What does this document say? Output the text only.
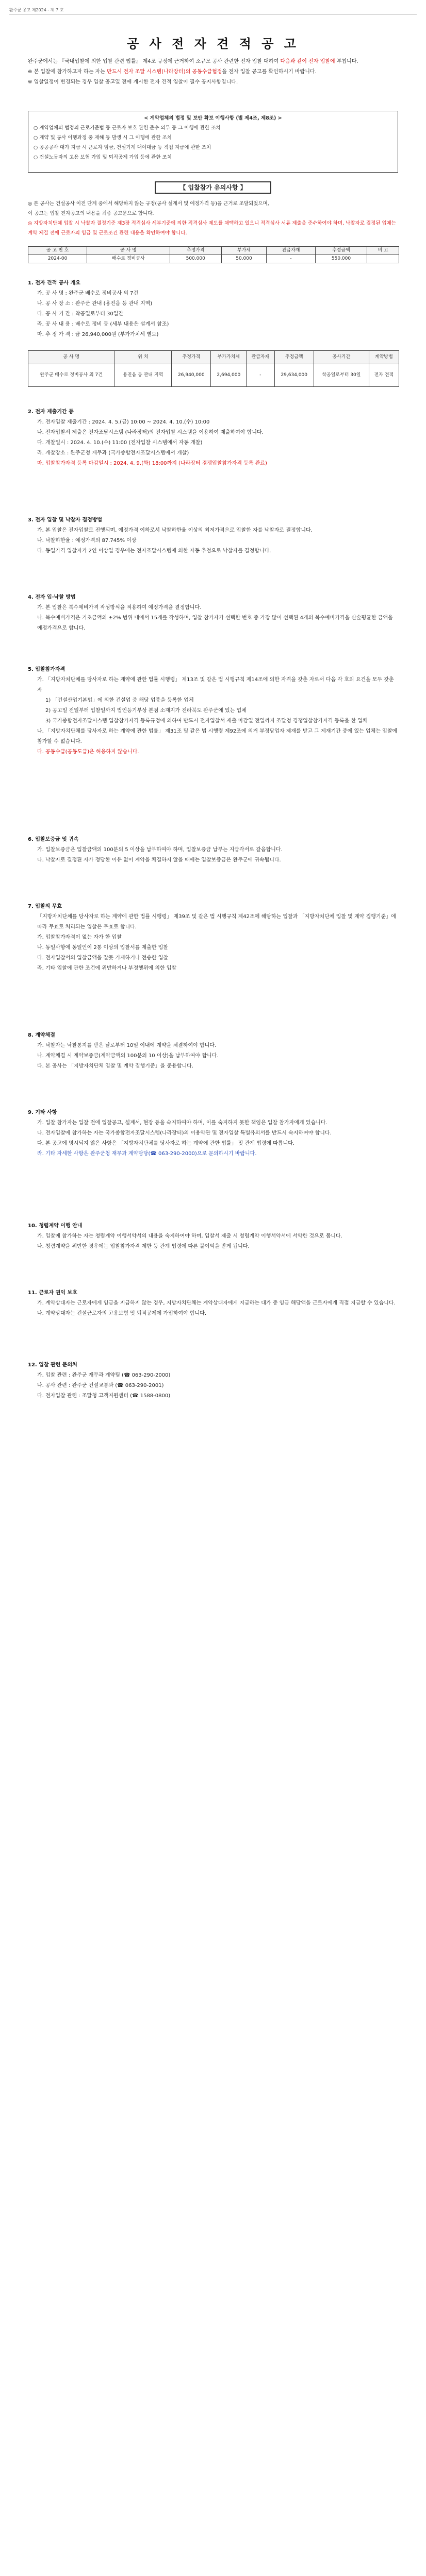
환주군 공고 제2024 - 제 7 호
공 사 전 자 견 적 공 고

완주군에서는 『국내입찰에 의한 입찰 관련 법률』 제4조 규정에 근거하여 소규모 공사 관련한 전자 입찰 대하여 다음과 같이 전자 입찰에 부칩니다.

※ 본 입찰에 참가하고자 하는 자는 반드시 전자 조달 시스템(나라장터)의 공동수급협정을 전자 입찰 공고를 확인하시기 바랍니다.

※ 입찰일정이 변경되는 경우 입찰 공고일 전에 게시한 전자 견적 입찰이 필수 공지사항입니다.

< 계약업체의 법정 및 보안 확보 이행사항 (별 제4조, 제8조) >
○ 계약업체의 법정의 근로기준법 등 근로자 보호 관련 준수 의무 등 그 이행에 관한 조치
○ 계약 및 공사 이행과정 중 재해 등 발생 시 그 이행에 관한 조치
○ 공공공사 대가 지급 시 근로자 임금, 건설기계 대여대금 등 직접 지급에 관한 조치
○ 건설노동자의 고용 보험 가입 및 퇴직공제 가입 등에 관한 조치
【 입찰참가 유의사항 】

◎ 본 공사는 건설공사 이전 단계 중에서 해당하지 않는 규정(공사 설계서 및 예정가격 등)을 근거로 조달되었으며,

이 공고는 입찰 전자공고의 내용을 최종 공고문으로 합니다.

◎ 지방자치단체 입찰 시 낙찰자 결정기준 제3장 적격심사 세부기준에 의한 적격심사 제도를 채택하고 있으니 적격심사 서류 제출을 준수하여야 하며, 낙찰자로 결정된 업체는 계약 체결 전에 근로자의 임금 및 근로조건 관련 내용을 확인하여야 합니다.

공 고 번 호	공 사 명	추정가격	부가세	관급자재	추정금액	비 고
2024-00	배수로 정비공사	500,000	50,000	-	550,000	

1. 전자 견적 공사 개요

가. 공 사 명 : 완주군 배수로 정비공사 외 7건

나. 공 사 장 소 : 완주군 관내 (용진읍 등 관내 지역)

다. 공 사 기 간 : 착공일로부터 30일간

라. 공 사 내 용 : 배수로 정비 등 (세부 내용은 설계서 참조)

마. 추 정 가 격 : 금 26,940,000원 (부가가치세 별도)

공 사 명	위 치	추정가격	부가가치세	관급자재	추정금액	공사기간	계약방법
완주군 배수로 정비공사 외 7건	용진읍 등 관내 지역	26,940,000	2,694,000	-	29,634,000	착공일로부터 30일	전자 견적

2. 전자 제출기간 등

가. 전자입찰 제출기간 : 2024. 4. 5.(금) 10:00 ~ 2024. 4. 10.(수) 10:00

나. 전자입찰서 제출은 전자조달시스템 (나라장터)의 전자입찰 시스템을 이용하여 제출하여야 합니다.

다. 개찰일시 : 2024. 4. 10.(수) 11:00 (전자입찰 시스템에서 자동 개찰)

라. 개찰장소 : 완주군청 재무과 (국가종합전자조달시스템에서 개찰)

마. 입찰참가자격 등록 마감일시 : 2024. 4. 9.(화) 18:00까지 (나라장터 경쟁입찰참가자격 등록 완료)

3. 전자 입찰 및 낙찰자 결정방법

가. 본 입찰은 전자입찰로 진행되며, 예정가격 이하로서 낙찰하한율 이상의 최저가격으로 입찰한 자를 낙찰자로 결정합니다.

나. 낙찰하한율 : 예정가격의 87.745% 이상

다. 동일가격 입찰자가 2인 이상일 경우에는 전자조달시스템에 의한 자동 추첨으로 낙찰자를 결정합니다.

4. 전자 입·낙찰 방법

가. 본 입찰은 복수예비가격 작성방식을 적용하여 예정가격을 결정합니다.

나. 복수예비가격은 기초금액의 ±2% 범위 내에서 15개를 작성하며, 입찰 참가자가 선택한 번호 중 가장 많이 선택된 4개의 복수예비가격을 산술평균한 금액을 예정가격으로 합니다.

5. 입찰참가자격

가. 「지방자치단체를 당사자로 하는 계약에 관한 법률 시행령」 제13조 및 같은 법 시행규칙 제14조에 의한 자격을 갖춘 자로서 다음 각 호의 요건을 모두 갖춘 자

1) 「건설산업기본법」에 의한 건설업 중 해당 업종을 등록한 업체

2) 공고일 전일부터 입찰일까지 법인등기부상 본점 소재지가 전라북도 완주군에 있는 업체

3) 국가종합전자조달시스템 입찰참가자격 등록규정에 의하여 반드시 전자입찰서 제출 마감일 전일까지 조달청 경쟁입찰참가자격 등록을 한 업체

나. 「지방자치단체를 당사자로 하는 계약에 관한 법률」 제31조 및 같은 법 시행령 제92조에 의거 부정당업자 제재를 받고 그 제재기간 중에 있는 업체는 입찰에 참가할 수 없습니다.

다. 공동수급(공동도급)은 허용하지 않습니다.

6. 입찰보증금 및 귀속

가. 입찰보증금은 입찰금액의 100분의 5 이상을 납부하여야 하며, 입찰보증금 납부는 지급각서로 갈음합니다.

나. 낙찰자로 결정된 자가 정당한 이유 없이 계약을 체결하지 않을 때에는 입찰보증금은 완주군에 귀속됩니다.

7. 입찰의 무효

「지방자치단체를 당사자로 하는 계약에 관한 법률 시행령」 제39조 및 같은 법 시행규칙 제42조에 해당하는 입찰과 「지방자치단체 입찰 및 계약 집행기준」에 따라 무효로 처리되는 입찰은 무효로 합니다.

가. 입찰참가자격이 없는 자가 한 입찰

나. 동일사항에 동일인이 2통 이상의 입찰서를 제출한 입찰

다. 전자입찰서의 입찰금액을 잘못 기재하거나 전송한 입찰

라. 기타 입찰에 관한 조건에 위반하거나 부정행위에 의한 입찰

8. 계약체결

가. 낙찰자는 낙찰통지를 받은 날로부터 10일 이내에 계약을 체결하여야 합니다.

나. 계약체결 시 계약보증금(계약금액의 100분의 10 이상)을 납부하여야 합니다.

다. 본 공사는 「지방자치단체 입찰 및 계약 집행기준」을 준용합니다.

9. 기타 사항

가. 입찰 참가자는 입찰 전에 입찰공고, 설계서, 현장 등을 숙지하여야 하며, 이를 숙지하지 못한 책임은 입찰 참가자에게 있습니다.

나. 전자입찰에 참가하는 자는 국가종합전자조달시스템(나라장터)의 이용약관 및 전자입찰 특별유의서를 반드시 숙지하여야 합니다.

다. 본 공고에 명시되지 않은 사항은 「지방자치단체를 당사자로 하는 계약에 관한 법률」 및 관계 법령에 따릅니다.

라. 기타 자세한 사항은 완주군청 재무과 계약담당(☎ 063-290-2000)으로 문의하시기 바랍니다.

10. 청렴계약 이행 안내

가. 입찰에 참가하는 자는 청렴계약 이행서약서의 내용을 숙지하여야 하며, 입찰서 제출 시 청렴계약 이행서약서에 서약한 것으로 봅니다.

나. 청렴계약을 위반한 경우에는 입찰참가자격 제한 등 관계 법령에 따른 불이익을 받게 됩니다.

11. 근로자 권익 보호

가. 계약상대자는 근로자에게 임금을 지급하지 않는 경우, 지방자치단체는 계약상대자에게 지급하는 대가 중 임금 해당액을 근로자에게 직접 지급할 수 있습니다.

나. 계약상대자는 건설근로자의 고용보험 및 퇴직공제에 가입하여야 합니다.

12. 입찰 관련 문의처

가. 입찰 관련 : 완주군 재무과 계약팀 (☎ 063-290-2000)

나. 공사 관련 : 완주군 건설교통과 (☎ 063-290-2001)

다. 전자입찰 관련 : 조달청 고객지원센터 (☎ 1588-0800)
